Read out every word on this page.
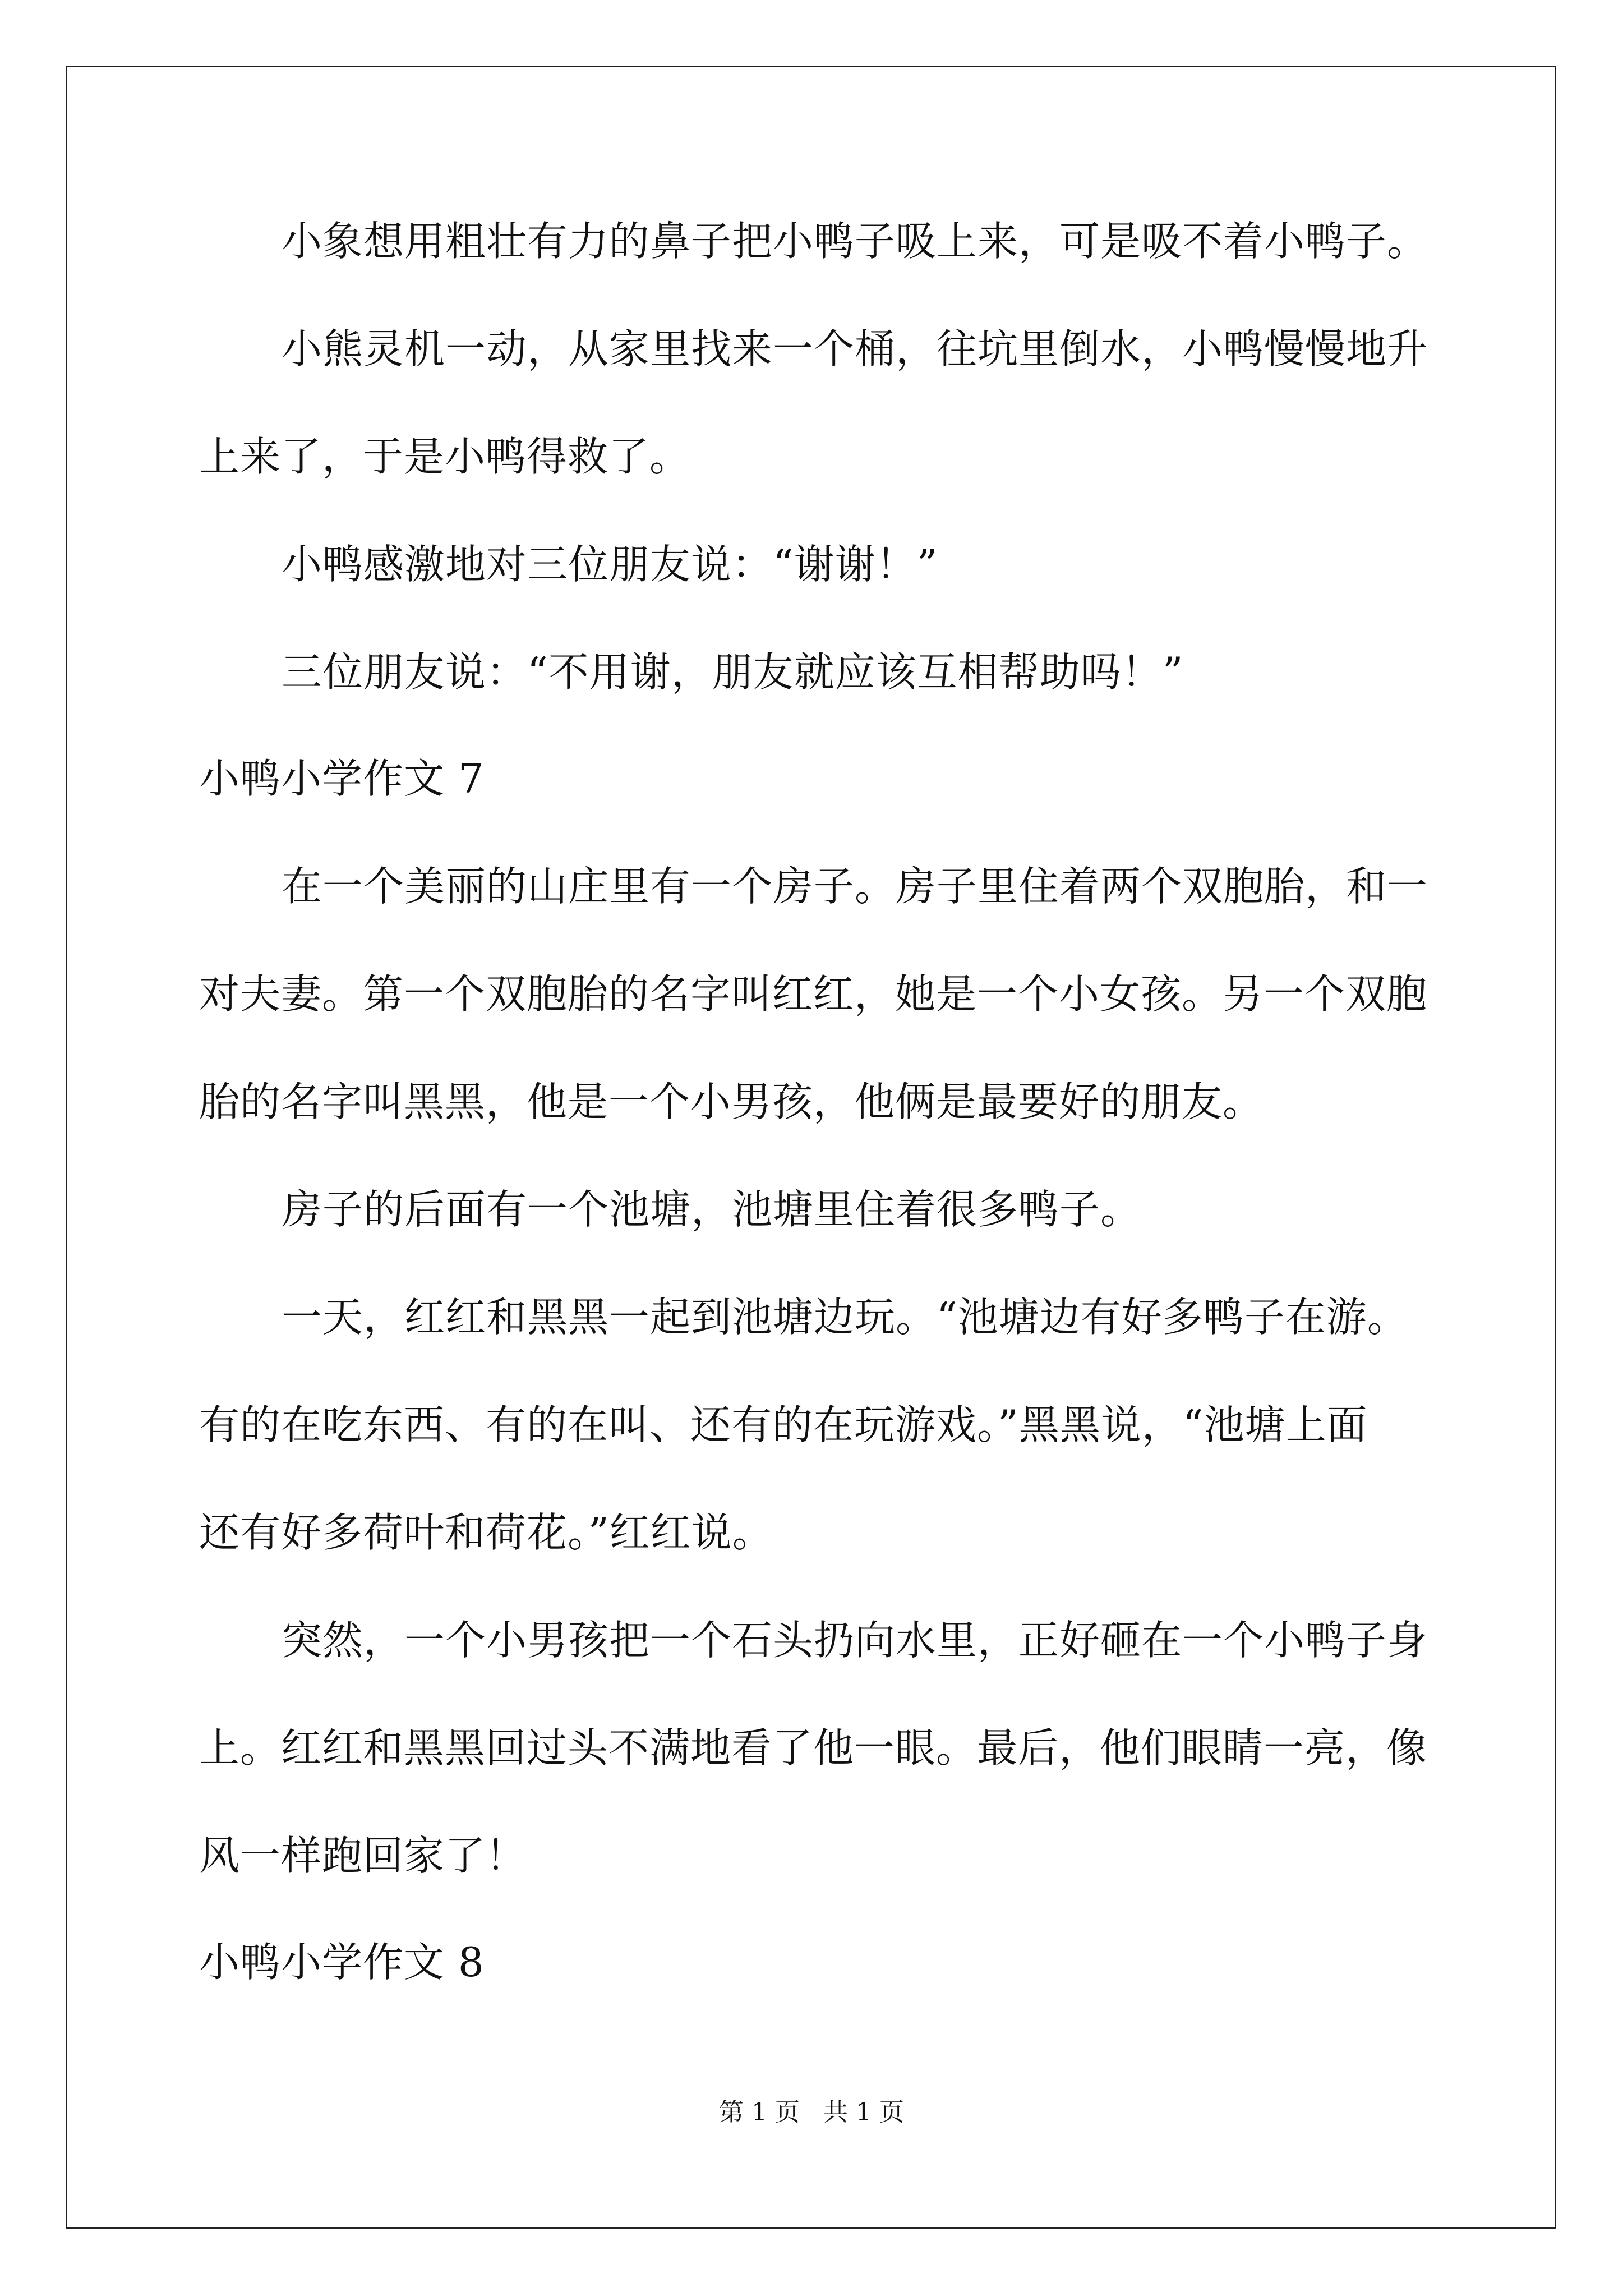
小象想用粗壮有力的鼻子把小鸭子吸上来，可是吸不着小鸭子。
小熊灵机一动，从家里找来一个桶，往坑里倒水，小鸭慢慢地升
上来了，于是小鸭得救了。
小鸭感激地对三位朋友说：“谢谢！”
三位朋友说：“不用谢，朋友就应该互相帮助吗！”
小鸭小学作文 7
在一个美丽的山庄里有一个房子。房子里住着两个双胞胎，和一
对夫妻。第一个双胞胎的名字叫红红，她是一个小女孩。另一个双胞
胎的名字叫黑黑，他是一个小男孩，他俩是最要好的朋友。
房子的后面有一个池塘，池塘里住着很多鸭子。
一天，红红和黑黑一起到池塘边玩。“池塘边有好多鸭子在游。
有的在吃东西、有的在叫、还有的在玩游戏。”黑黑说，“池塘上面
还有好多荷叶和荷花。”红红说。
突然，一个小男孩把一个石头扔向水里，正好砸在一个小鸭子身
上。红红和黑黑回过头不满地看了他一眼。最后，他们眼睛一亮，像
风一样跑回家了！
小鸭小学作文 8
第 1 页   共 1 页
